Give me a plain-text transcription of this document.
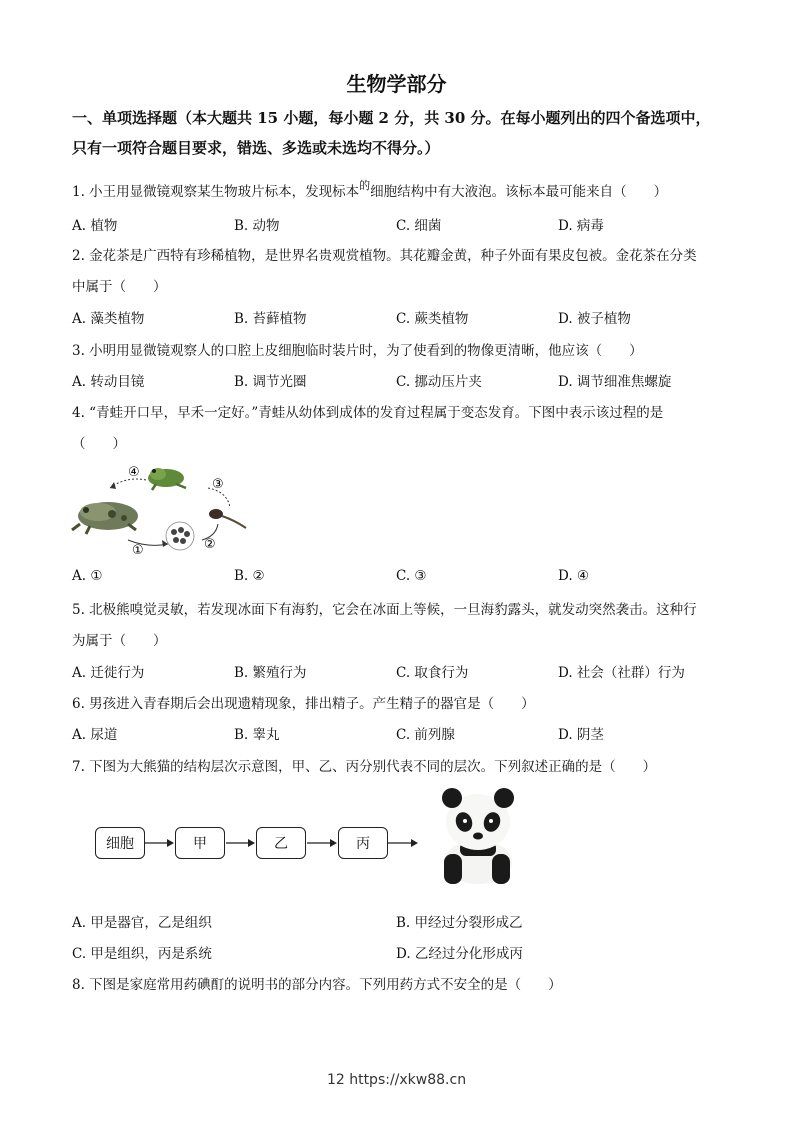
生物学部分
一、单项选择题（本大题共 15 小题，每小题 2 分，共 30 分。在每小题列出的四个备选项中，
只有一项符合题目要求，错选、多选或未选均不得分。）
1. 小王用显微镜观察某生物玻片标本，发现标本$^的$细胞结构中有大液泡。该标本最可能来自（　　）
A. 植物	B. 动物	C. 细菌	D. 病毒
2. 金花茶是广西特有珍稀植物，是世界名贵观赏植物。其花瓣金黄，种子外面有果皮包被。金花茶在分类
中属于（　　）
A. 藻类植物	B. 苔藓植物	C. 蕨类植物	D. 被子植物
3. 小明用显微镜观察人的口腔上皮细胞临时装片时，为了使看到的物像更清晰，他应该（　　）
A. 转动目镜	B. 调节光圈	C. 挪动压片夹	D. 调节细准焦螺旋
4. “青蛙开口早，早禾一定好。”青蛙从幼体到成体的发育过程属于变态发育。下图中表示该过程的是
（　　）
①	②
③
④
A. ①	B. ②	C. ③	D. ④
5. 北极熊嗅觉灵敏，若发现冰面下有海豹，它会在冰面上等候，一旦海豹露头，就发动突然袭击。这种行
为属于（　　）
A. 迁徙行为	B. 繁殖行为	C. 取食行为	D. 社会（社群）行为
6. 男孩进入青春期后会出现遗精现象，排出精子。产生精子的器官是（　　）
A. 尿道	B. 睾丸	C. 前列腺	D. 阴茎
7. 下图为大熊猫的结构层次示意图，甲、乙、丙分别代表不同的层次。下列叙述正确的是（　　）
细胞	甲	乙	丙
A. 甲是器官，乙是组织	B. 甲经过分裂形成乙
C. 甲是组织，丙是系统	D. 乙经过分化形成丙
8. 下图是家庭常用药碘酊的说明书的部分内容。下列用药方式不安全的是（　　）
12 https://xkw88.cn
